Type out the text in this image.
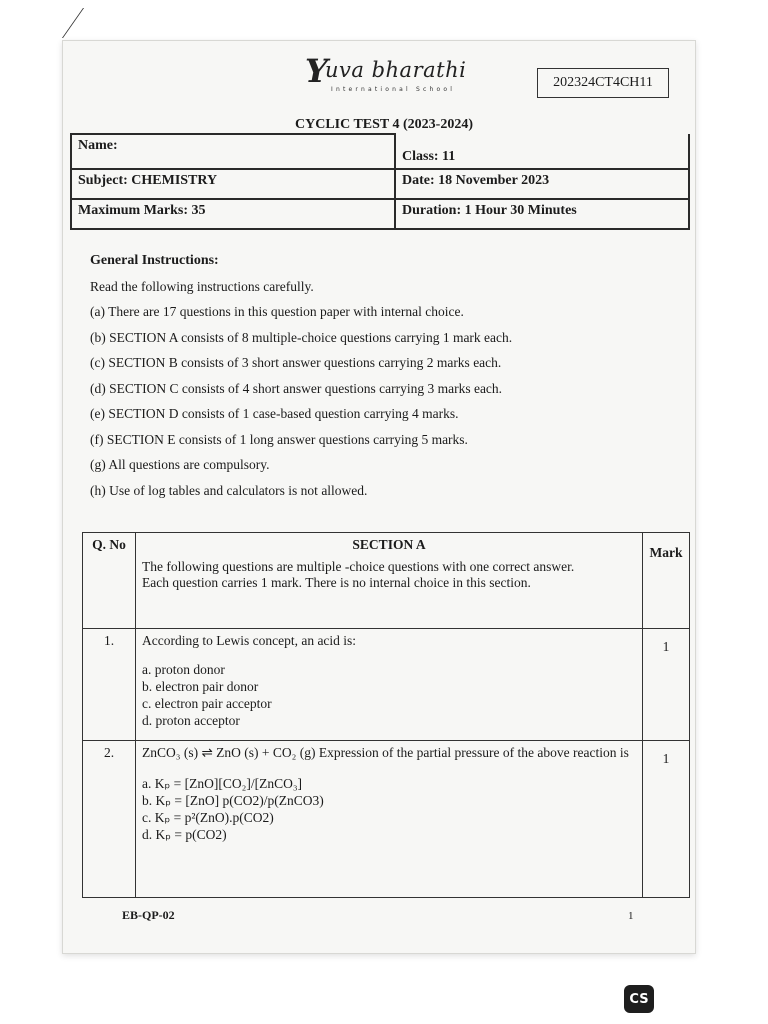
Y
uva bharathi
International School	202324CT4CH11
CYCLIC TEST 4 (2023-2024)
Name:	Class: 11

Subject: CHEMISTRY	Date: 18 November 2023
Maximum Marks: 35	Duration: 1 Hour 30 Minutes
General Instructions:
Read the following instructions carefully.
(a) There are 17 questions in this question paper with internal choice.
(b) SECTION A consists of 8 multiple-choice questions carrying 1 mark each.
(c) SECTION B consists of 3 short answer questions carrying 2 marks each.
(d) SECTION C consists of 4 short answer questions carrying 3 marks each.
(e) SECTION D consists of 1 case-based question carrying 4 marks.
(f) SECTION E consists of 1 long answer questions carrying 5 marks.
(g) All questions are compulsory.
(h) Use of log tables and calculators is not allowed.
Q. No	SECTION A
The following questions are multiple -choice questions with one correct answer.
Each question carries 1 mark. There is no internal choice in this section.	Mark

1.	According to Lewis concept, an acid is:
a. proton donor
b. electron pair donor
c. electron pair acceptor
d. proton acceptor	1

2.	ZnCO₃ (s) ⇌ ZnO (s) + CO₂ (g) Expression of the partial pressure of the above reaction is
a. Kₚ = [ZnO][CO₂]/[ZnCO₃]
b. Kₚ = [ZnO] p(CO2)/p(ZnCO3)
c. Kₚ = p²(ZnO).p(CO2)
d. Kₚ = p(CO2)	1
EB-QP-02	1
CS
